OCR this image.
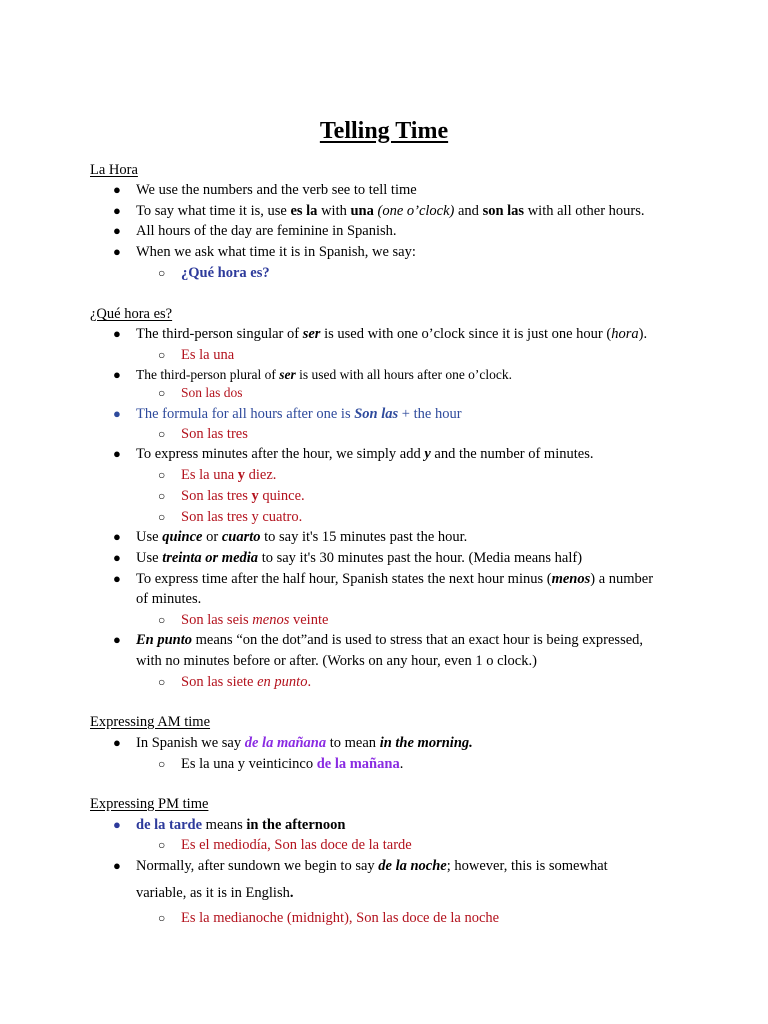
Telling Time
La Hora
● We use the numbers and the verb see to tell time
● To say what time it is, use es la with una (one o’clock) and son las with all other hours.
● All hours of the day are feminine in Spanish.
● When we ask what time it is in Spanish, we say:
○ ¿Qué hora es?
¿Qué hora es?
● The third-person singular of ser is used with one o’clock since it is just one hour (hora).
○ Es la una
● The third-person plural of ser is used with all hours after one o’clock.
○ Son las dos
● The formula for all hours after one is Son las + the hour
○ Son las tres
● To express minutes after the hour, we simply add y and the number of minutes.
○ Es la una y diez.
○ Son las tres y quince.
○ Son las tres y cuatro.
● Use quince or cuarto to say it's 15 minutes past the hour.
● Use treinta or media to say it's 30 minutes past the hour. (Media means half)
● To express time after the half hour, Spanish states the next hour minus (menos) a number
of minutes.
○ Son las seis menos veinte
● En punto means “on the dot”and is used to stress that an exact hour is being expressed,
with no minutes before or after. (Works on any hour, even 1 o clock.)
○ Son las siete en punto.
Expressing AM time
● In Spanish we say de la mañana to mean in the morning.
○ Es la una y veinticinco de la mañana.
Expressing PM time
● de la tarde means in the afternoon
○ Es el mediodía, Son las doce de la tarde
● Normally, after sundown we begin to say de la noche; however, this is somewhat
variable, as it is in English.
○ Es la medianoche (midnight), Son las doce de la noche
